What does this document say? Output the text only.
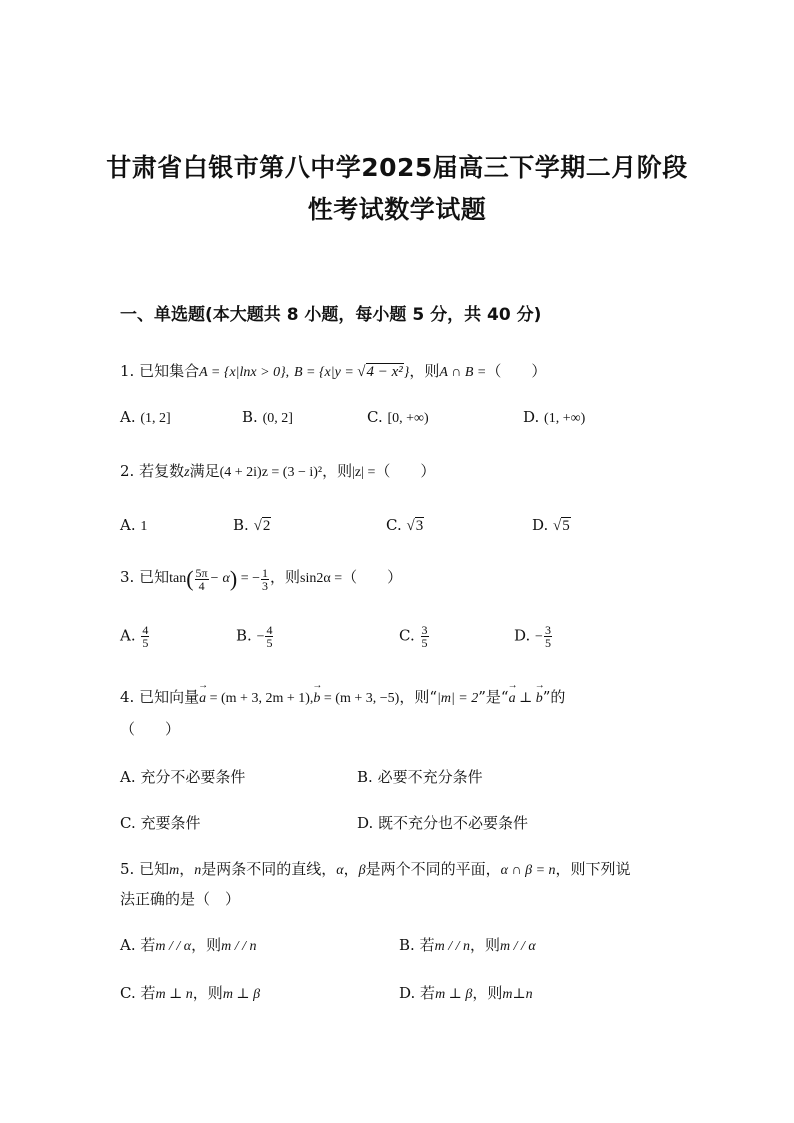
甘肃省白银市第八中学2025届高三下学期二月阶段
性考试数学试题
一、单选题(本大题共 8 小题，每小题 5 分，共 40 分)
1. 已知集合A = {x|lnx > 0}, B = {x|y = √4 − x²}，则A ∩ B =（　　）
A. (1, 2]	B. (0, 2]	C. [0, +∞)	D. (1, +∞)
2. 若复数z满足(4 + 2i)z = (3 − i)²，则|z| =（　　）
A. 1	B. √2	C. √3	D. √5
3. 已知$\tan( \frac{5\pi}{4} - \alpha)$ = − $\frac{1}{3}$ ，则sin2α =（　　）
A. $\frac{4}{5}$	B. − $\frac{4}{5}$	C. $\frac{3}{5}$	D. − $\frac{3}{5}$
4. 已知向量→ a = (m + 3, 2m + 1),→ b = (m + 3, −5)，则“|m| = 2”是“→ a ⊥ → b”的
（　　）
A. 充分不必要条件	B. 必要不充分条件
C. 充要条件	D. 既不充分也不必要条件
5. 已知m，n是两条不同的直线，α，β是两个不同的平面，α ∩ β = n，则下列说
法正确的是（　）
A. 若m / / α，则m / / n	B. 若m / / n，则m / / α
C. 若m ⊥ n，则m ⊥ β	D. 若m ⊥ β，则m⊥n
